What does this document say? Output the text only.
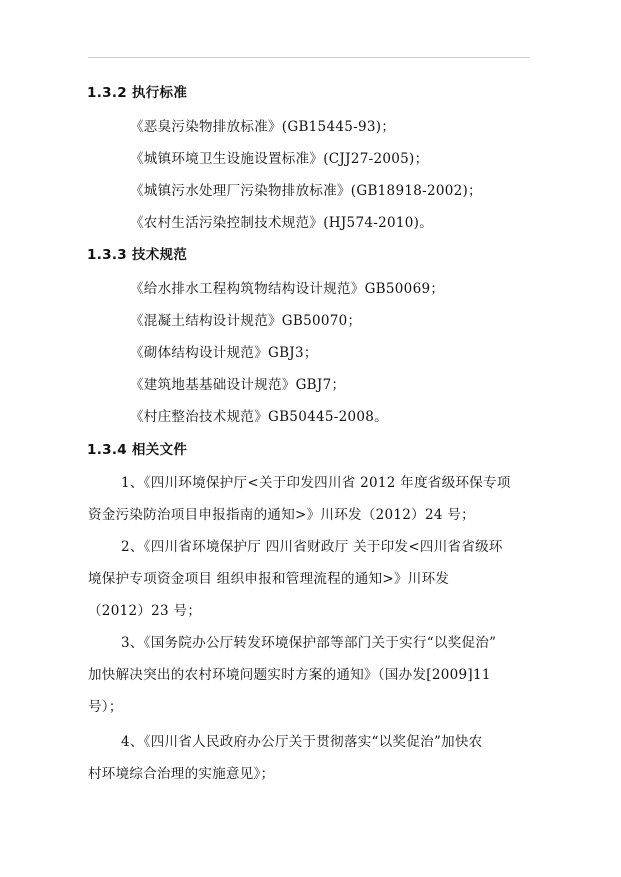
1.3.2 执行标准
《恶臭污染物排放标准》(GB15445-93)；
《城镇环境卫生设施设置标准》(CJJ27-2005)；
《城镇污水处理厂污染物排放标准》(GB18918-2002)；
《农村生活污染控制技术规范》(HJ574-2010)。
1.3.3 技术规范
《给水排水工程构筑物结构设计规范》GB50069；
《混凝土结构设计规范》GB50070；
《砌体结构设计规范》GBJ3；
《建筑地基基础设计规范》GBJ7；
《村庄整治技术规范》GB50445-2008。
1.3.4 相关文件
1、《四川环境保护厅<关于印发四川省 2012 年度省级环保专项
资金污染防治项目申报指南的通知>》川环发（2012）24 号；
2、《四川省环境保护厅 四川省财政厅 关于印发<四川省省级环
境保护专项资金项目 组织申报和管理流程的通知>》川环发
（2012）23 号；
3、《国务院办公厅转发环境保护部等部门关于实行“以奖促治”
加快解决突出的农村环境问题实时方案的通知》（国办发[2009]11
号）；
4、《四川省人民政府办公厅关于贯彻落实“以奖促治”加快农
村环境综合治理的实施意见》；
